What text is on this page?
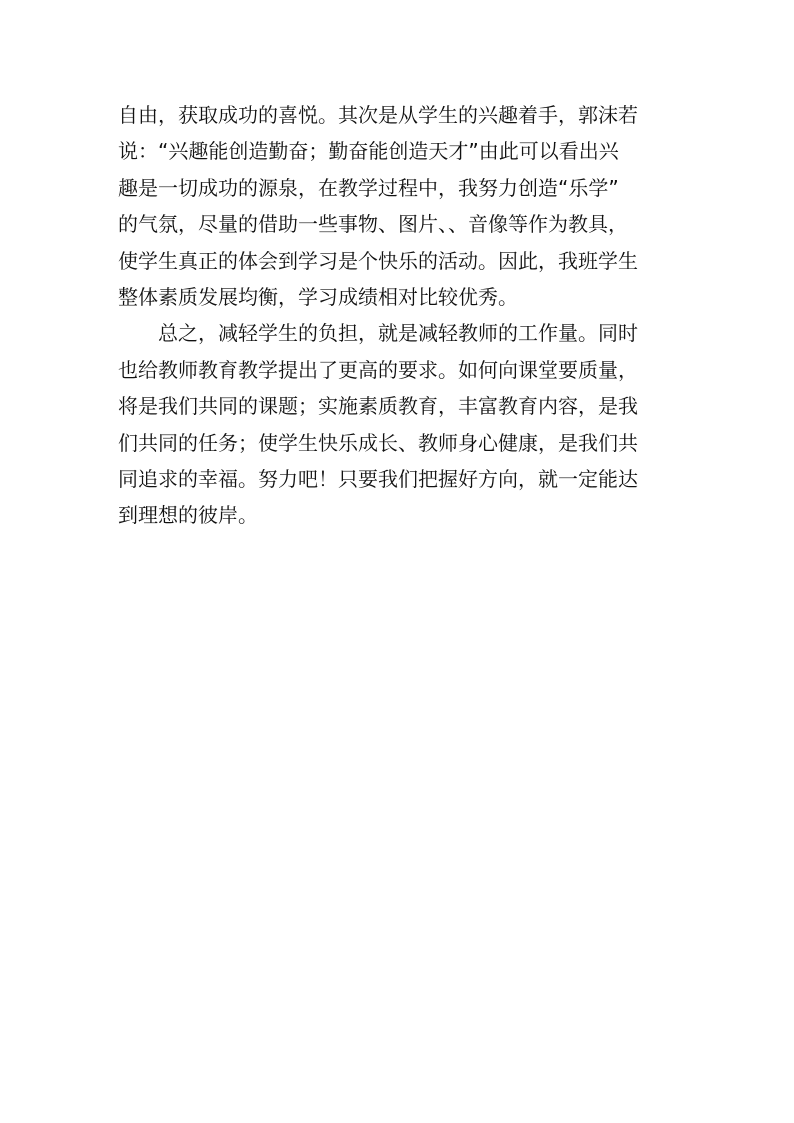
自由，获取成功的喜悦。其次是从学生的兴趣着手，郭沫若
说：“兴趣能创造勤奋；勤奋能创造天才”由此可以看出兴
趣是一切成功的源泉，在教学过程中，我努力创造“乐学”
的气氛，尽量的借助一些事物、图片、、音像等作为教具，
使学生真正的体会到学习是个快乐的活动。因此，我班学生
整体素质发展均衡，学习成绩相对比较优秀。
总之，减轻学生的负担，就是减轻教师的工作量。同时
也给教师教育教学提出了更高的要求。如何向课堂要质量，
将是我们共同的课题；实施素质教育，丰富教育内容，是我
们共同的任务；使学生快乐成长、教师身心健康，是我们共
同追求的幸福。努力吧！只要我们把握好方向，就一定能达
到理想的彼岸。
